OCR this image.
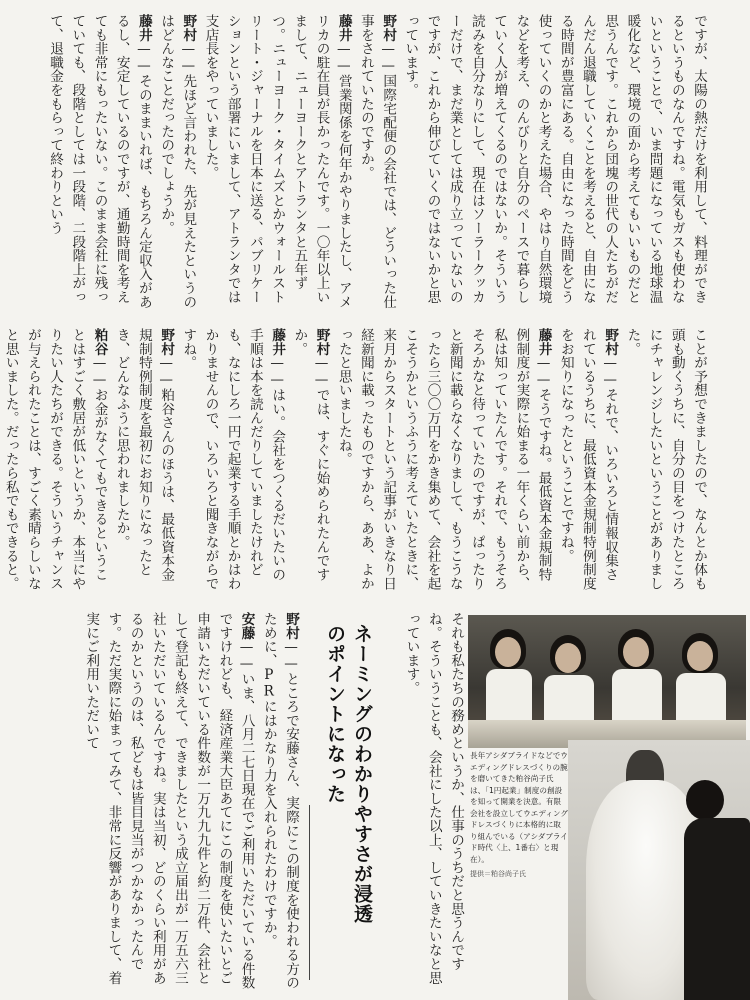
ですが、太陽の熱だけを利用して、料理ができるというものなんですね。電気もガスも使わないということで、いま問題になっている地球温暖化など、環境の面から考えてもいいものだと思うんです。これから団塊の世代の人たちがだんだん退職していくことを考えると、自由になる時間が豊富にある。自由になった時間をどう使っていくのかと考えた場合、やはり自然環境などを考え、のんびりと自分のペースで暮らしていく人が増えてくるのではないか。そういう読みを自分なりにして、現在はソーラークッカーだけで、まだ業としては成り立っていないのですが、これから伸びていくのではないかと思っています。

野村——国際宅配便の会社では、どういった仕事をされていたのですか。

藤井——営業関係を何年かやりましたし、アメリカの駐在員が長かったんです。一〇年以上いまして、ニューヨークとアトランタと五年ずつ。ニューヨーク・タイムズとかウォールストリート・ジャーナルを日本に送る、パブリケーションという部署にいまして、アトランタでは支店長をやっていました。

野村——先ほど言われた、先が見えたというのはどんなことだったのでしょうか。

藤井——そのままいれば、もちろん定収入があるし、安定しているのですが、通勤時間を考えても非常にもったいない。このまま会社に残っていても、段階としては一段階、二段階上がって、退職金をもらって終わりという

ことが予想できましたので、なんとか体も頭も動くうちに、自分の目をつけたところにチャレンジしたいということがありました。

野村——それで、いろいろと情報収集されているうちに、最低資本金規制特例制度をお知りになったということですね。

藤井——そうですね。最低資本金規制特例制度が実際に始まる一年くらい前から、私は知っていたんです。それで、もうそろそろかなと待っていたのですが、ぱったりと新聞に載らなくなりまして、もうこうなったら三〇〇万円をかき集めて、会社を起こそうかというふうに考えていたときに、来月からスタートという記事がいきなり日経新聞に載ったものですから、ああ、よかったと思いましたね。

野村——では、すぐに始められたんですか。

藤井——はい。会社をつくるだいたいの手順は本を読んだりしていましたけれども、なにしろ一円で起業する手順とかはわかりませんので、いろいろと聞きながらですね。

野村——粕谷さんのほうは、最低資本金規制特例制度を最初にお知りになったとき、どんなふうに思われましたか。

粕谷——お金がなくてもできるということはすごく敷居が低いというか、本当にやりたい人たちができる。そういうチャンスが与えられたことは、すごく素晴らしいなと思いました。だったら私でもできると。

それも私たちの務めというか、仕事のうちだと思うんですね。そういうことも、会社にした以上、していきたいなと思っています。

ネーミングのわかりやすさが浸透のポイントになった

野村——ところで安藤さん、実際にこの制度を使われる方のために、PRにはかなり力を入れられたわけですか。

安藤——いま、八月二七日現在でご利用いただいている件数ですけれども、経済産業大臣あてにこの制度を使いたいとご申請いただいている件数が一万九九九件と約二万件、会社として登記も終えて、できましたという成立届出が一万五六三社いただいているんですね。実は当初、どのくらい利用があるのかというのは、私どもは皆目見当がつかなかったんです。ただ実際に始まってみて、非常に反響がありまして、着実にご利用いただいて

長年アシダブライドなどでウエディングドレスづくりの腕を磨いてきた粕谷尚子氏は、「1円起業」制度の創設を知って開業を決意。有限会社を設立してウエディングドレスづくりに本格的に取り組んでいる（アシダブライド時代〈上、1番右〉と現在）。

提供＝粕谷尚子氏
